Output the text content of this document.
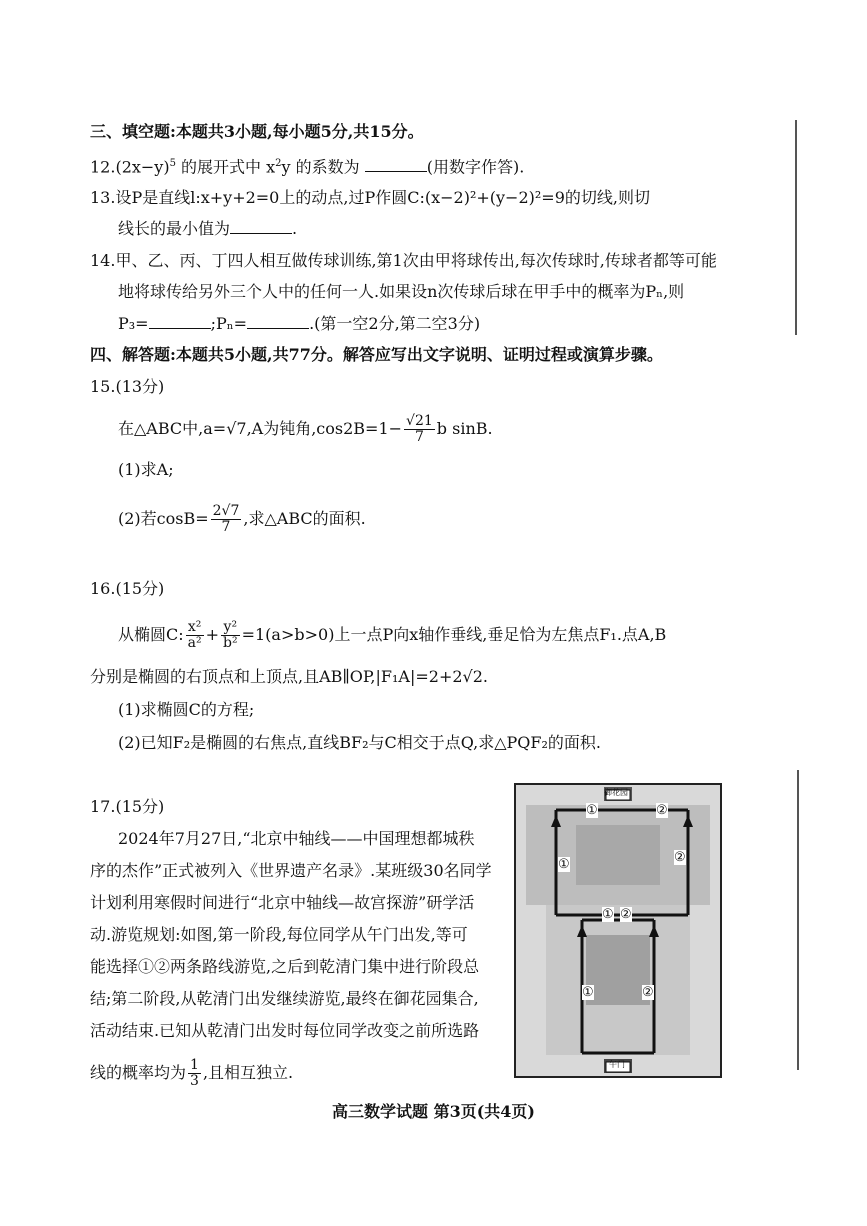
三、填空题:本题共3小题,每小题5分,共15分。
$12.(2x-y)^5$ 的展开式中 $x^2y$ 的系数为	(用数字作答).
13.设P是直线l:x+y+2=0上的动点,过P作圆C:(x−2)²+(y−2)²=9的切线,则切
线长的最小值为	.
14.甲、乙、丙、丁四人相互做传球训练,第1次由甲将球传出,每次传球时,传球者都等可能
地将球传给另外三个人中的任何一人.如果设n次传球后球在甲手中的概率为Pₙ,则
P₃=	;Pₙ=	.(第一空2分,第二空3分)
四、解答题:本题共5小题,共77分。解答应写出文字说明、证明过程或演算步骤。
15.(13分)
在△ABC中,a=√7,A为钝角$,\cos 2B=1- \frac{√21}{7}$ b sinB.
(1)求A;
(2)若$\cos B= \frac{2√7}{7}$ ,求△ABC的面积.
16.(15分)
从椭圆C: $\frac{\text{x²}}{\text{a²}} + \frac{\text{y²}}{\text{b²}} =1(a>b>0)$上一点P向x轴作垂线,垂足恰为左焦点F₁.点A,B
分别是椭圆的右顶点和上顶点,且AB∥OP,|F₁A|=2+2√2.
(1)求椭圆C的方程;
(2)已知F₂是椭圆的右焦点,直线BF₂与C相交于点Q,求△PQF₂的面积.
17.(15分)
2024年7月27日,“北京中轴线——中国理想都城秩
序的杰作”正式被列入《世界遗产名录》.某班级30名同学
计划利用寒假时间进行“北京中轴线—故宫探游”研学活
动.游览规划:如图,第一阶段,每位同学从午门出发,等可
能选择①②两条路线游览,之后到乾清门集中进行阶段总
结;第二阶段,从乾清门出发继续游览,最终在御花园集合,
活动结束.已知从乾清门出发时每位同学改变之前所选路
线的概率均为 $\frac{1}{3}$ ,且相互独立.
御花园
午门
①	②
①	②
① ②
①	②
高三数学试题 第3页(共4页)
